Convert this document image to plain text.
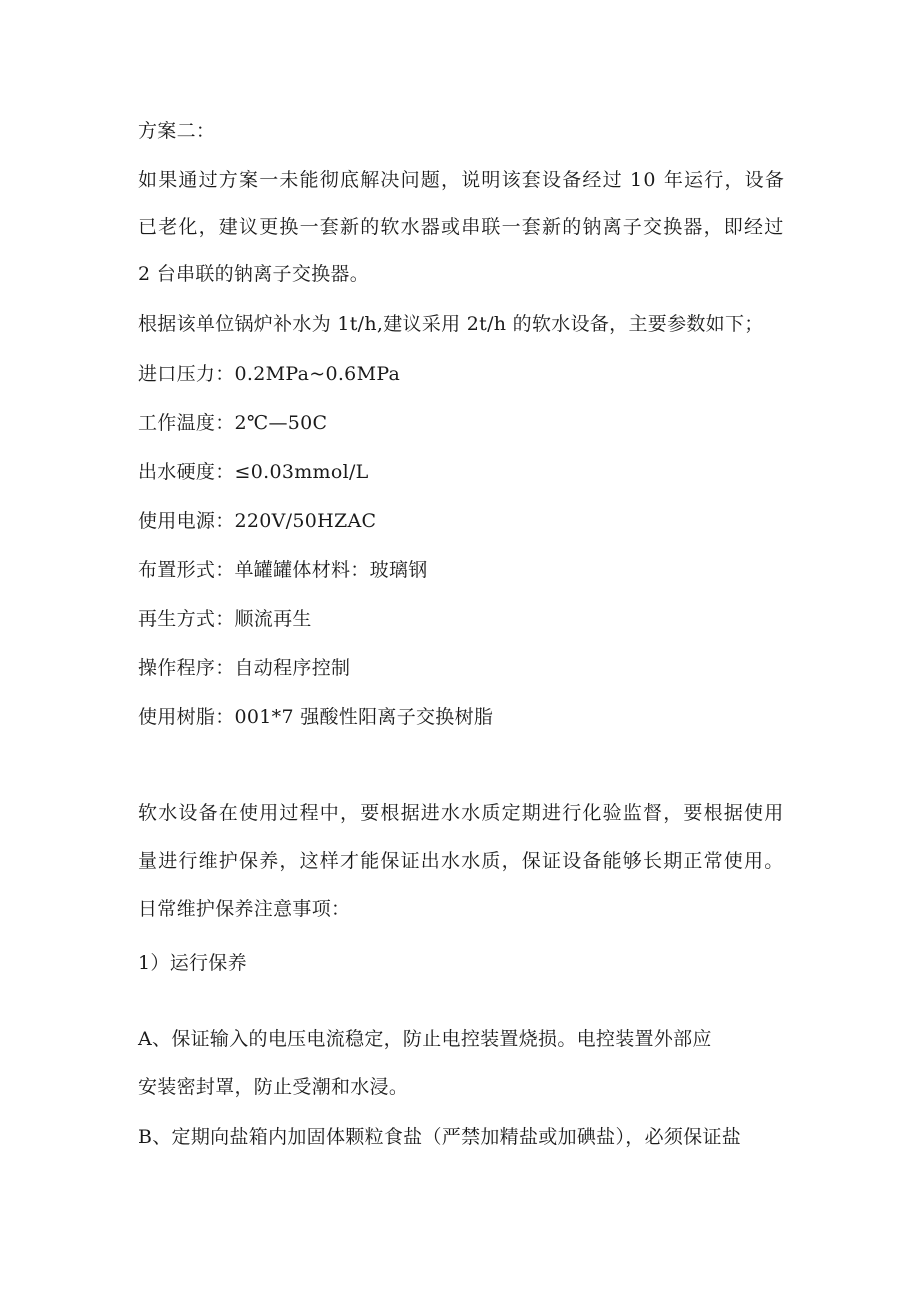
方案二：
如果通过方案一未能彻底解决问题，说明该套设备经过 10 年运行，设备
已老化，建议更换一套新的软水器或串联一套新的钠离子交换器，即经过
2 台串联的钠离子交换器。
根据该单位锅炉补水为 1t/h,建议采用 2t/h 的软水设备，主要参数如下；
进口压力：0.2MPa~0.6MPa
工作温度：2℃—50C
出水硬度：≤0.03mmol/L
使用电源：220V/50HZAC
布置形式：单罐罐体材料：玻璃钢
再生方式：顺流再生
操作程序：自动程序控制
使用树脂：001*7 强酸性阳离子交换树脂
软水设备在使用过程中，要根据进水水质定期进行化验监督，要根据使用
量进行维护保养，这样才能保证出水水质，保证设备能够长期正常使用。
日常维护保养注意事项：
1）运行保养
A、保证输入的电压电流稳定，防止电控装置烧损。电控装置外部应
安装密封罩，防止受潮和水浸。
B、定期向盐箱内加固体颗粒食盐（严禁加精盐或加碘盐），必须保证盐
